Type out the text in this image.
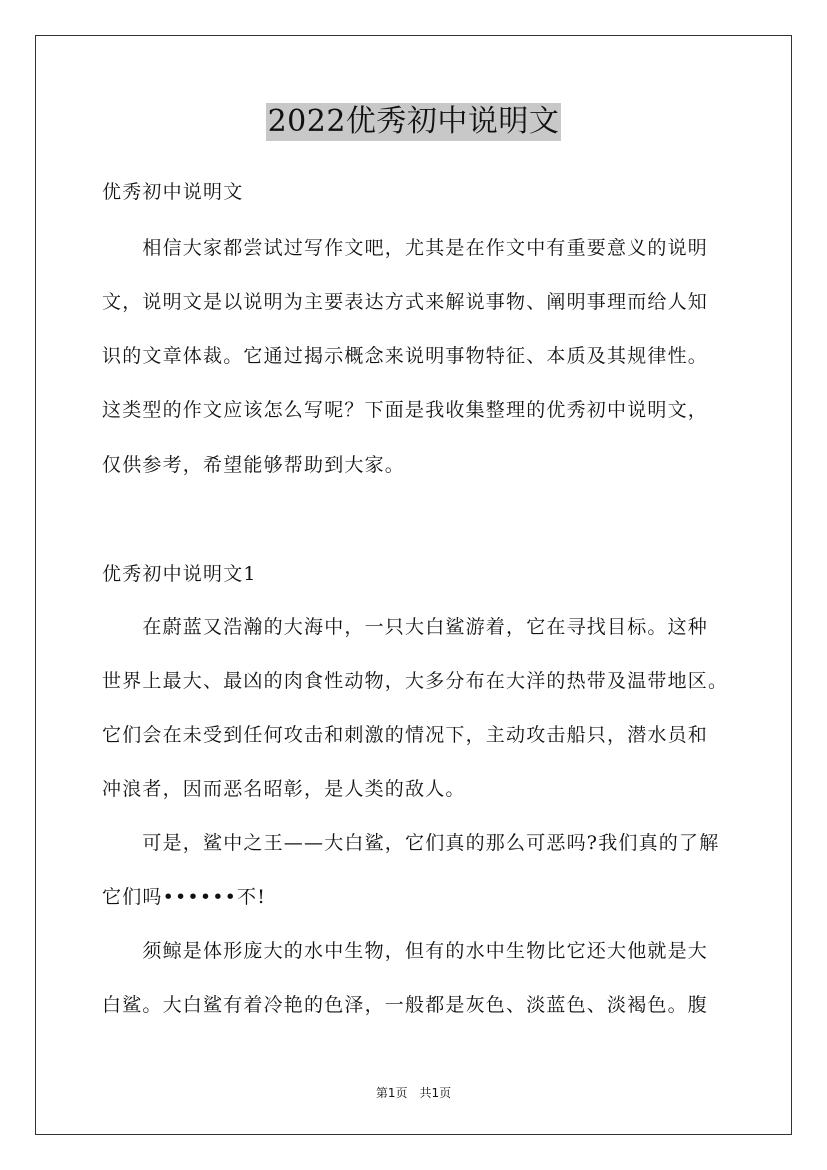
2022优秀初中说明文
优秀初中说明文
　　相信大家都尝试过写作文吧，尤其是在作文中有重要意义的说明
文，说明文是以说明为主要表达方式来解说事物、阐明事理而给人知
识的文章体裁。它通过揭示概念来说明事物特征、本质及其规律性。
这类型的作文应该怎么写呢？下面是我收集整理的优秀初中说明文，
仅供参考，希望能够帮助到大家。
优秀初中说明文1
　　在蔚蓝又浩瀚的大海中，一只大白鲨游着，它在寻找目标。这种
世界上最大、最凶的肉食性动物，大多分布在大洋的热带及温带地区。
它们会在未受到任何攻击和刺激的情况下，主动攻击船只，潜水员和
冲浪者，因而恶名昭彰，是人类的敌人。
　　可是，鲨中之王——大白鲨，它们真的那么可恶吗?我们真的了解
它们吗••••••不!
　　须鲸是体形庞大的水中生物，但有的水中生物比它还大他就是大
白鲨。大白鲨有着冷艳的色泽，一般都是灰色、淡蓝色、淡褐色。腹
第1页　共1页
